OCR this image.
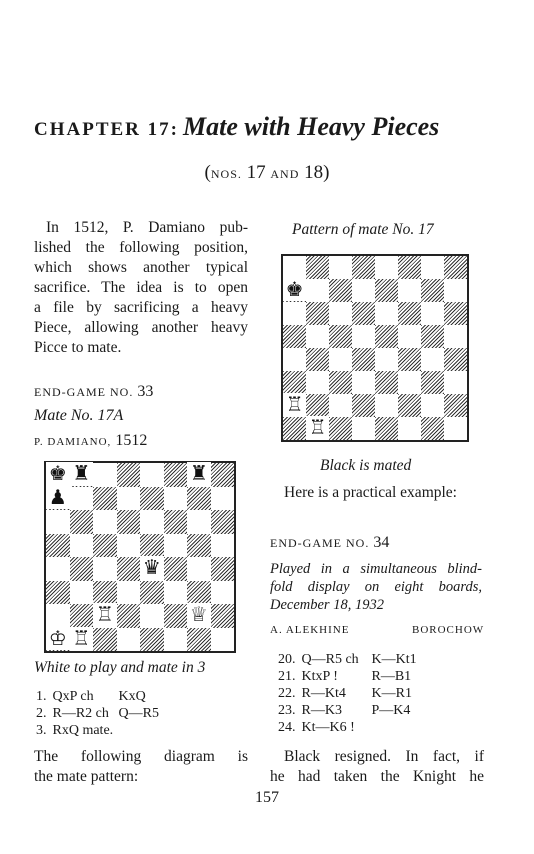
CHAPTER 17: Mate with Heavy Pieces
(NOS. 17 AND 18)
In 1512, P. Damiano pub-
lished the following position,
which shows another typical
sacrifice. The idea is to open
a file by sacrificing a heavy
Piece, allowing another heavy
Picce to mate.
END-GAME NO. 33
Mate No. 17A
P. DAMIANO, 1512
♚ ♜	♜
♟
♛
♖	♕
♔ ♖
White to play and mate in 3
1.	QxP ch	KxQ
2.	R—R2 ch	Q—R5
3.	RxQ mate.	
The following diagram is
the mate pattern:
Pattern of mate No. 17
♚
♖
♖
Black is mated
Here is a practical example:
END-GAME NO. 34
Played in a simultaneous blind-
fold display on eight boards,
December 18, 1932
A. ALEKHINE	BOROCHOW
20.	Q—R5 ch	K—Kt1
21.	KtxP !	R—B1
22.	R—Kt4	K—R1
23.	R—K3	P—K4
24.	Kt—K6 !	
Black resigned. In fact, if
he had taken the Knight he
157
